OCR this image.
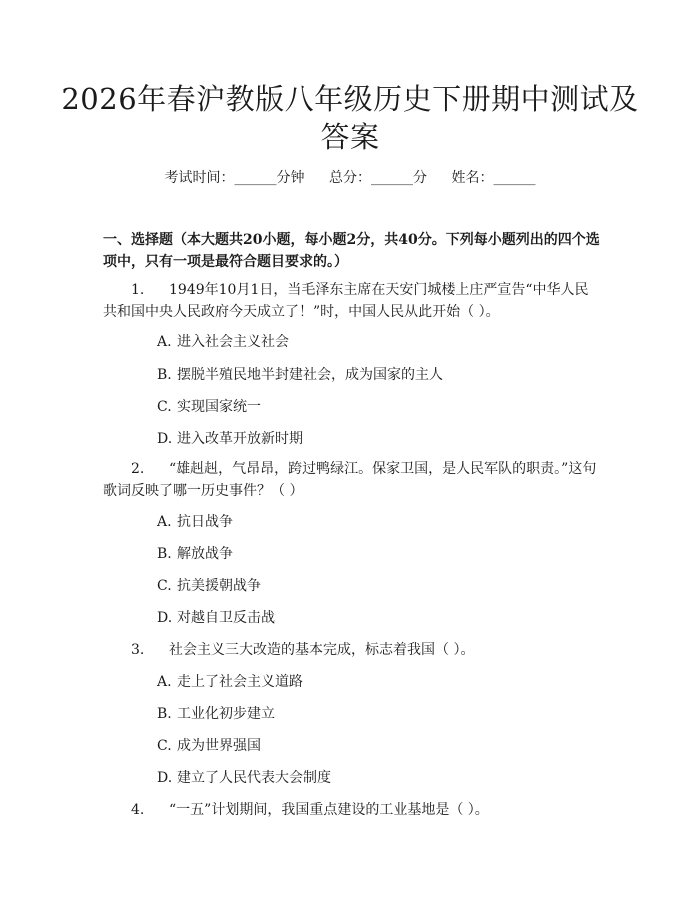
2026年春沪教版八年级历史下册期中测试及答案
考试时间：______分钟 总分：______分 姓名：______
一、选择题（本大题共20小题，每小题2分，共40分。下列每小题列出的四个选项中，只有一项是最符合题目要求的。）
1. 1949年10月1日，当毛泽东主席在天安门城楼上庄严宣告“中华人民共和国中央人民政府今天成立了！”时，中国人民从此开始（ ）。
A. 进入社会主义社会
B. 摆脱半殖民地半封建社会，成为国家的主人
C. 实现国家统一
D. 进入改革开放新时期
2. “雄赳赳，气昂昂，跨过鸭绿江。保家卫国，是人民军队的职责。”这句歌词反映了哪一历史事件？（ ）
A. 抗日战争
B. 解放战争
C. 抗美援朝战争
D. 对越自卫反击战
3. 社会主义三大改造的基本完成，标志着我国（ ）。
A. 走上了社会主义道路
B. 工业化初步建立
C. 成为世界强国
D. 建立了人民代表大会制度
4. “一五”计划期间，我国重点建设的工业基地是（ ）。
